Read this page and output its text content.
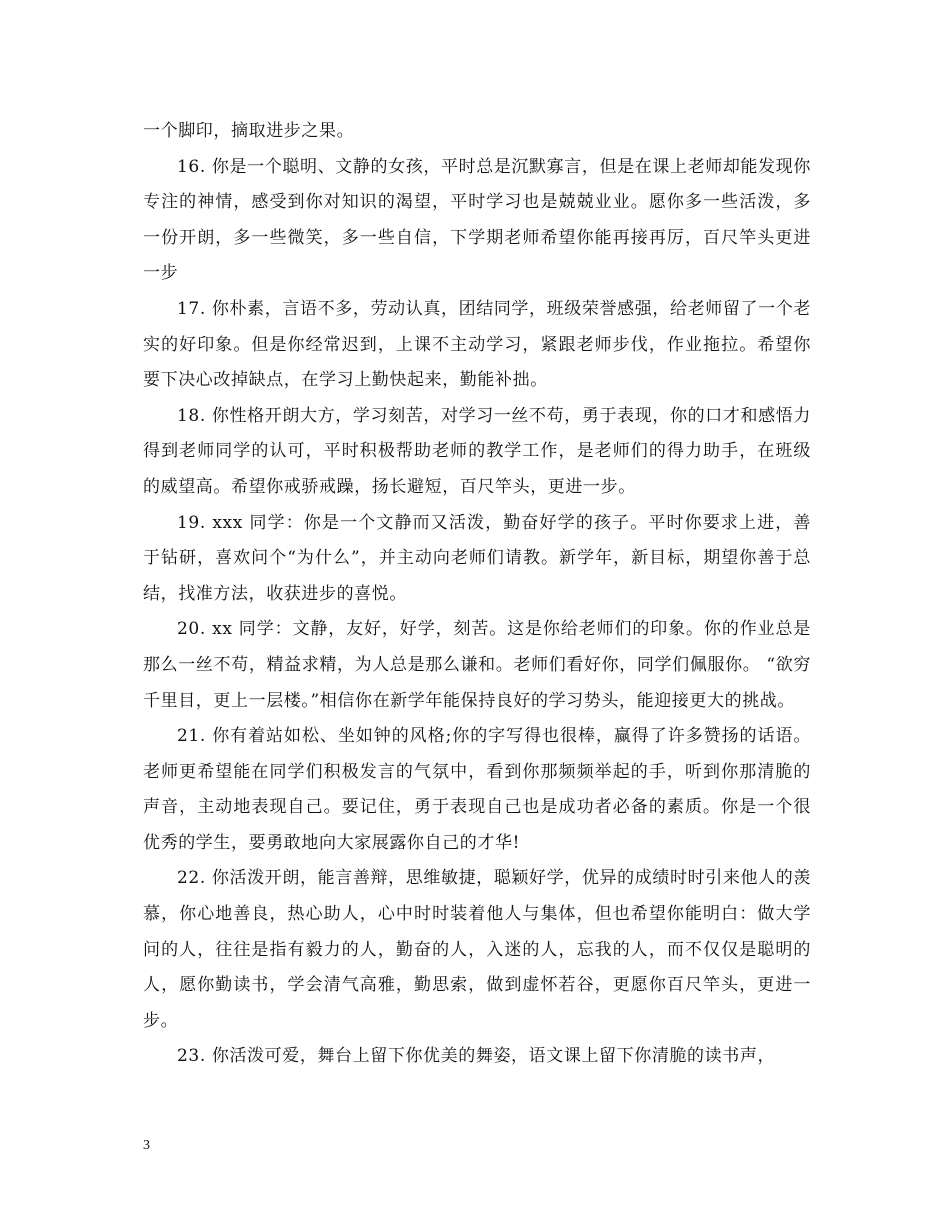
一个脚印，摘取进步之果。

16. 你是一个聪明、文静的女孩，平时总是沉默寡言，但是在课上老师却能发现你专注的神情，感受到你对知识的渴望，平时学习也是兢兢业业。愿你多一些活泼，多一份开朗，多一些微笑，多一些自信，下学期老师希望你能再接再厉，百尺竿头更进一步

17. 你朴素，言语不多，劳动认真，团结同学，班级荣誉感强，给老师留了一个老实的好印象。但是你经常迟到，上课不主动学习，紧跟老师步伐，作业拖拉。希望你要下决心改掉缺点，在学习上勤快起来，勤能补拙。

18. 你性格开朗大方，学习刻苦，对学习一丝不苟，勇于表现，你的口才和感悟力得到老师同学的认可，平时积极帮助老师的教学工作，是老师们的得力助手，在班级的威望高。希望你戒骄戒躁，扬长避短，百尺竿头，更进一步。

19. xxx 同学：你是一个文静而又活泼，勤奋好学的孩子。平时你要求上进，善于钻研，喜欢问个“为什么”，并主动向老师们请教。新学年，新目标，期望你善于总结，找准方法，收获进步的喜悦。

20. xx 同学：文静，友好，好学，刻苦。这是你给老师们的印象。你的作业总是那么一丝不苟，精益求精，为人总是那么谦和。老师们看好你，同学们佩服你。 “欲穷千里目，更上一层楼。”相信你在新学年能保持良好的学习势头，能迎接更大的挑战。

21. 你有着站如松、坐如钟的风格;你的字写得也很棒，赢得了许多赞扬的话语。老师更希望能在同学们积极发言的气氛中，看到你那频频举起的手，听到你那清脆的声音，主动地表现自己。要记住，勇于表现自己也是成功者必备的素质。你是一个很优秀的学生，要勇敢地向大家展露你自己的才华!

22. 你活泼开朗，能言善辩，思维敏捷，聪颖好学，优异的成绩时时引来他人的羡慕，你心地善良，热心助人，心中时时装着他人与集体，但也希望你能明白：做大学问的人，往往是指有毅力的人，勤奋的人，入迷的人，忘我的人，而不仅仅是聪明的人，愿你勤读书，学会清气高雅，勤思索，做到虚怀若谷，更愿你百尺竿头，更进一步。

23. 你活泼可爱，舞台上留下你优美的舞姿，语文课上留下你清脆的读书声，

3
